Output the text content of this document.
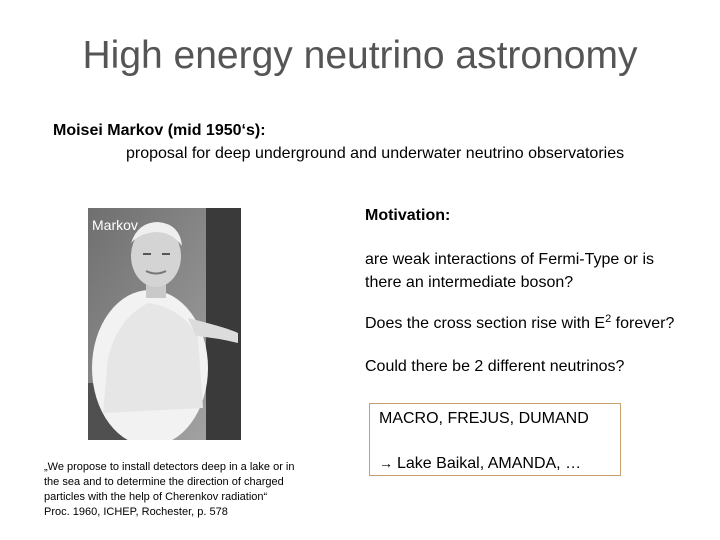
High energy neutrino astronomy
Moisei Markov (mid 1950‘s):
proposal for deep underground and underwater neutrino observatories
Markov
„We propose to install detectors deep in a lake or in
the sea and to determine the direction of charged
particles with the help of Cherenkov radiation“
Proc. 1960, ICHEP, Rochester, p. 578
Motivation:
are weak interactions of Fermi-Type or is
there an intermediate boson?
Does the cross section rise with $E^2$ forever?
Could there be 2 different neutrinos?
MACRO, FREJUS, DUMAND
→ Lake Baikal, AMANDA, …
